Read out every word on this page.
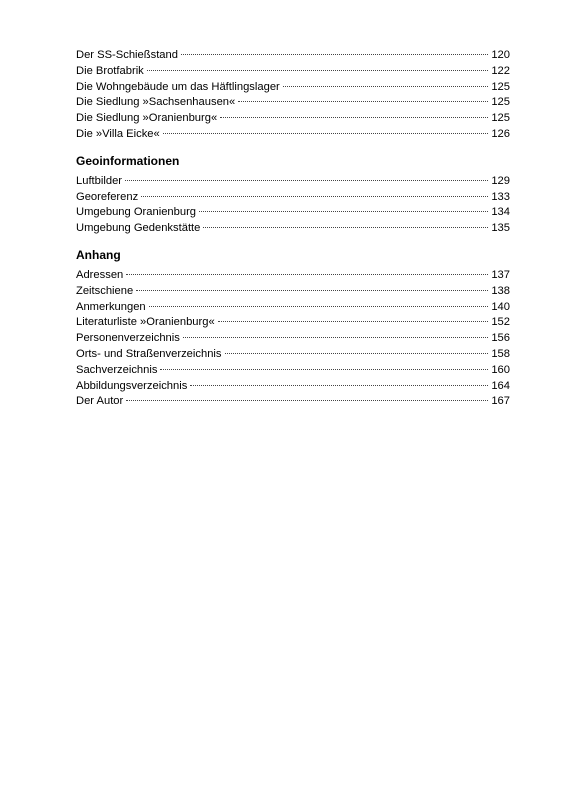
Der SS-Schießstand	120
Die Brotfabrik	122
Die Wohngebäude um das Häftlingslager	125
Die Siedlung »Sachsenhausen«	125
Die Siedlung »Oranienburg«	125
Die »Villa Eicke«	126
Geoinformationen
Luftbilder	129
Georeferenz	133
Umgebung Oranienburg	134
Umgebung Gedenkstätte	135
Anhang
Adressen	137
Zeitschiene	138
Anmerkungen	140
Literaturliste »Oranienburg«	152
Personenverzeichnis	156
Orts- und Straßenverzeichnis	158
Sachverzeichnis	160
Abbildungsverzeichnis	164
Der Autor	167
